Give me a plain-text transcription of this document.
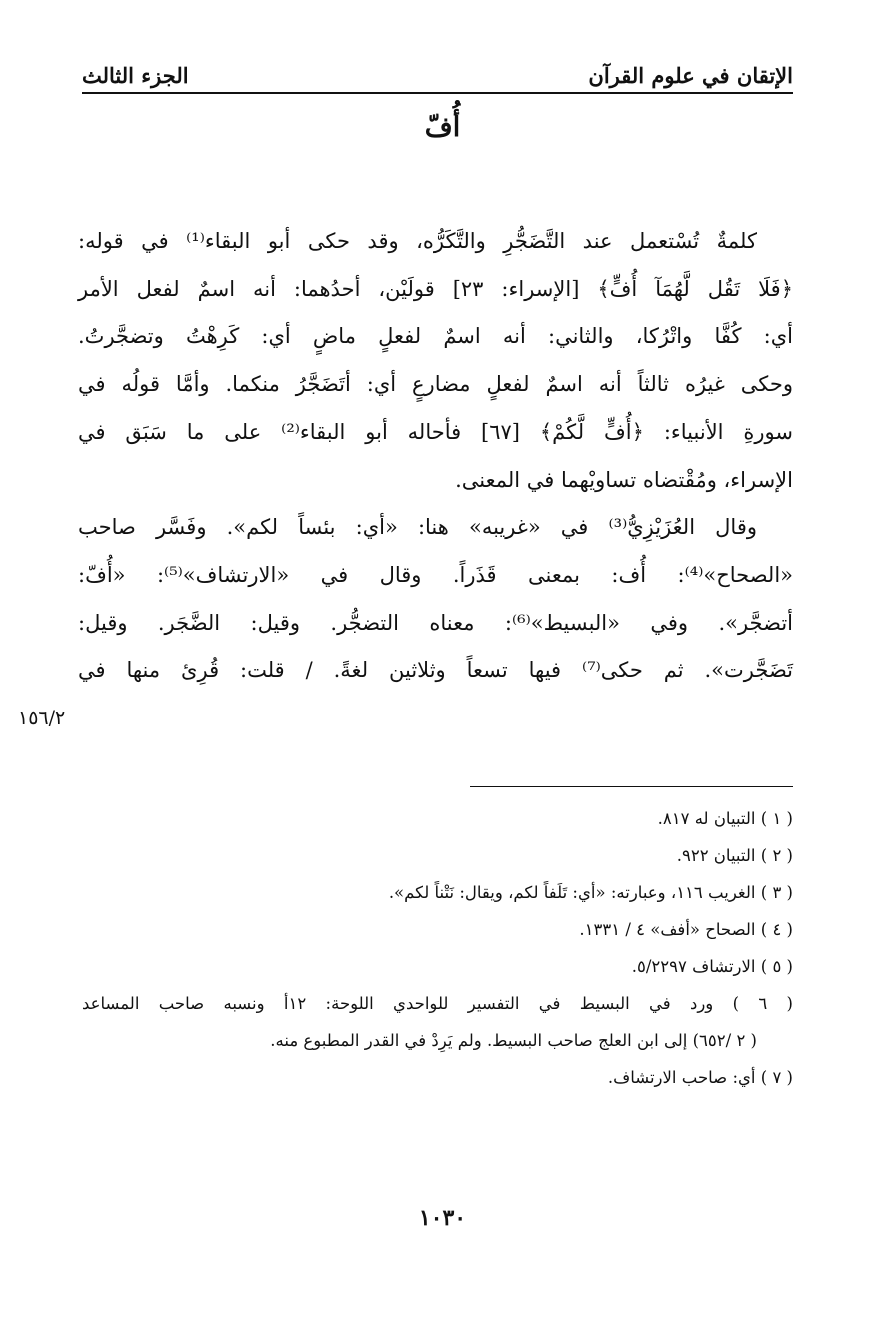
الإتقان في علوم القرآن
الجزء الثالث
أُفّ
كلمةٌ تُسْتعمل عند التَّضَجُّرِ والتَّكَرُّه، وقد حكى أبو البقاء⁽¹⁾ في قوله:
﴿فَلَا تَقُل لَّهُمَآ أُفٍّ﴾ [الإسراء: ٢٣] قولَيْن، أحدُهما: أنه اسمٌ لفعل الأمر
أي: كُفَّا واتْرُكا، والثاني: أنه اسمٌ لفعلٍ ماضٍ أي: كَرِهْتُ وتضجَّرتُ.
وحكى غيرُه ثالثاً أنه اسمٌ لفعلٍ مضارعٍ أي: أتَضَجَّرُ منكما. وأمَّا قولُه في
سورةِ الأنبياء: ﴿أُفٍّ لَّكُمْ﴾ [٦٧] فأحاله أبو البقاء⁽²⁾ على ما سَبَق في
الإسراء، ومُقْتضاه تساويْهما في المعنى.
وقال العُزَيْزِيُّ⁽³⁾ في «غريبه» هنا: «أي: بئساً لكم». وفَسَّر صاحب
«الصحاح»⁽⁴⁾: أُف: بمعنى قَذَراً. وقال في «الارتشاف»⁽⁵⁾: «أُفّ:
أتضجَّر». وفي «البسيط»⁽⁶⁾: معناه التضجُّر. وقيل: الضَّجَر. وقيل:
تَضَجَّرت». ثم حكى⁽⁷⁾ فيها تسعاً وثلاثين لغةً. / قلت: قُرِئ منها في
١٥٦/٢
( ١ ) التبيان له ٨١٧.
( ٢ ) التبيان ٩٢٢.
( ٣ ) الغريب ١١٦، وعبارته: «أي: تَلَفاً لكم، ويقال: نَتْناً لكم».
( ٤ ) الصحاح «أفف» ٤ / ١٣٣١.
( ٥ ) الارتشاف ٥/٢٢٩٧.
( ٦ ) ورد في البسيط في التفسير للواحدي اللوحة: ١٢أ ونسبه صاحب المساعد
( ٢ /٦٥٢) إلى ابن العلج صاحب البسيط. ولم يَرِدْ في القدر المطبوع منه.
( ٧ ) أي: صاحب الارتشاف.
١٠٣٠
